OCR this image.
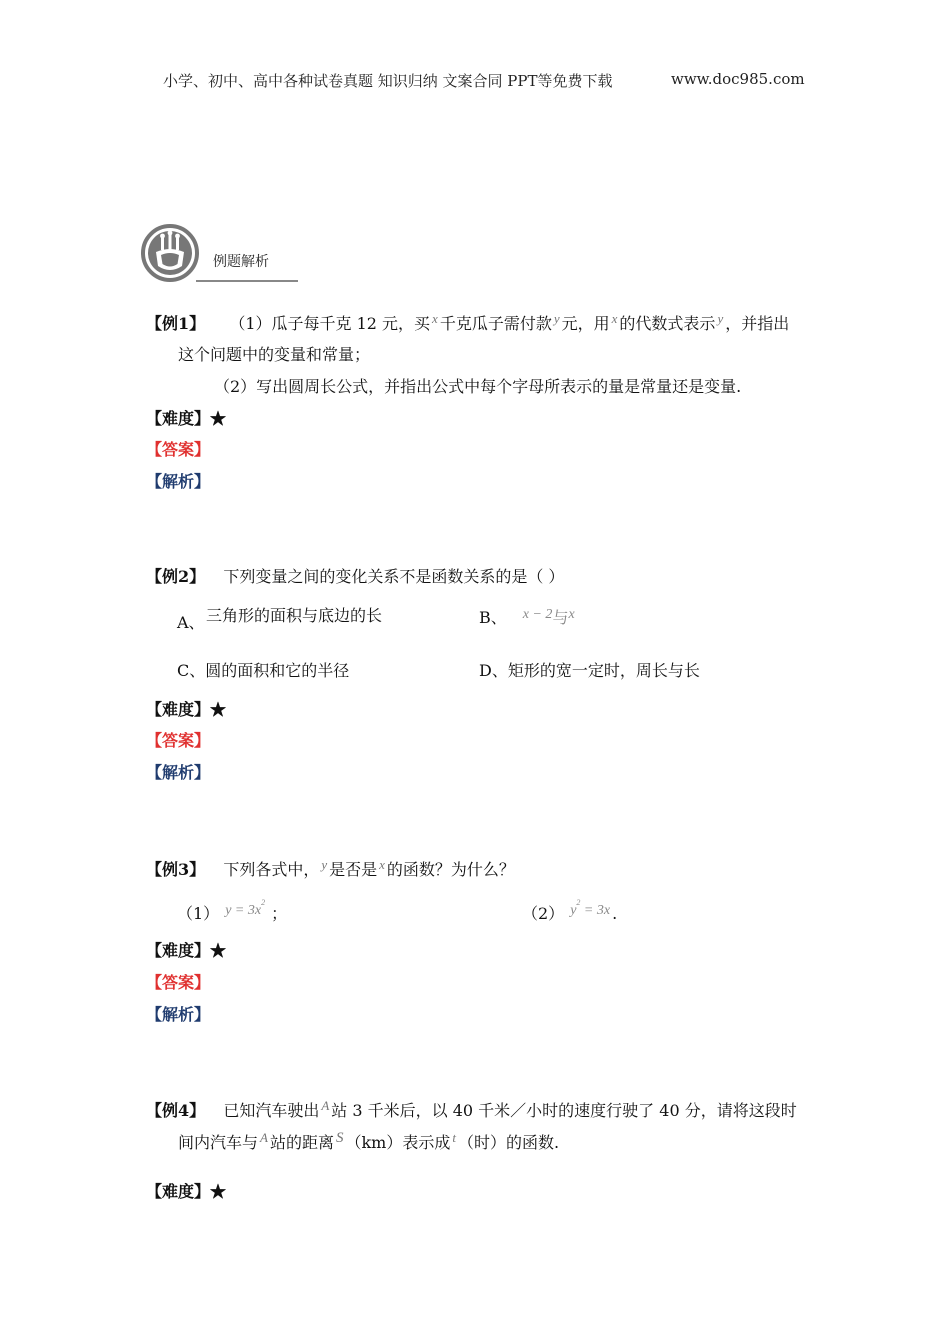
小学、初中、高中各种试卷真题 知识归纳 文案合同 PPT等免费下载	www.doc985.com
例题解析
【例1】 （1）瓜子每千克 12 元，买 $^x$ 千克瓜子需付款 $^y$ 元，用 $^x$ 的代数式表示 $^y$ ，并指出
这个问题中的变量和常量；
（2）写出圆周长公式，并指出公式中每个字母所表示的量是常量还是变量.
【难度】★
【答案】
【解析】
【例2】 下列变量之间的变化关系不是函数关系的是（ ）
A、 三角形的面积与底边的长	B、 x − 2与x
C、圆的面积和它的半径	D、矩形的宽一定时，周长与长
【难度】★
【答案】
【解析】
【例3】 下列各式中， $^y$ 是否是 $^x$ 的函数？为什么？
（1） $y = 3x^2$；	（2） $y^2 = 3x$ .
【难度】★
【答案】
【解析】
【例4】 已知汽车驶出 $^A$ 站 3 千米后，以 40 千米／小时的速度行驶了 40 分，请将这段时
间内汽车与 $^A$ 站的距离 S （km）表示成 $^t$ （时）的函数.
【难度】★
